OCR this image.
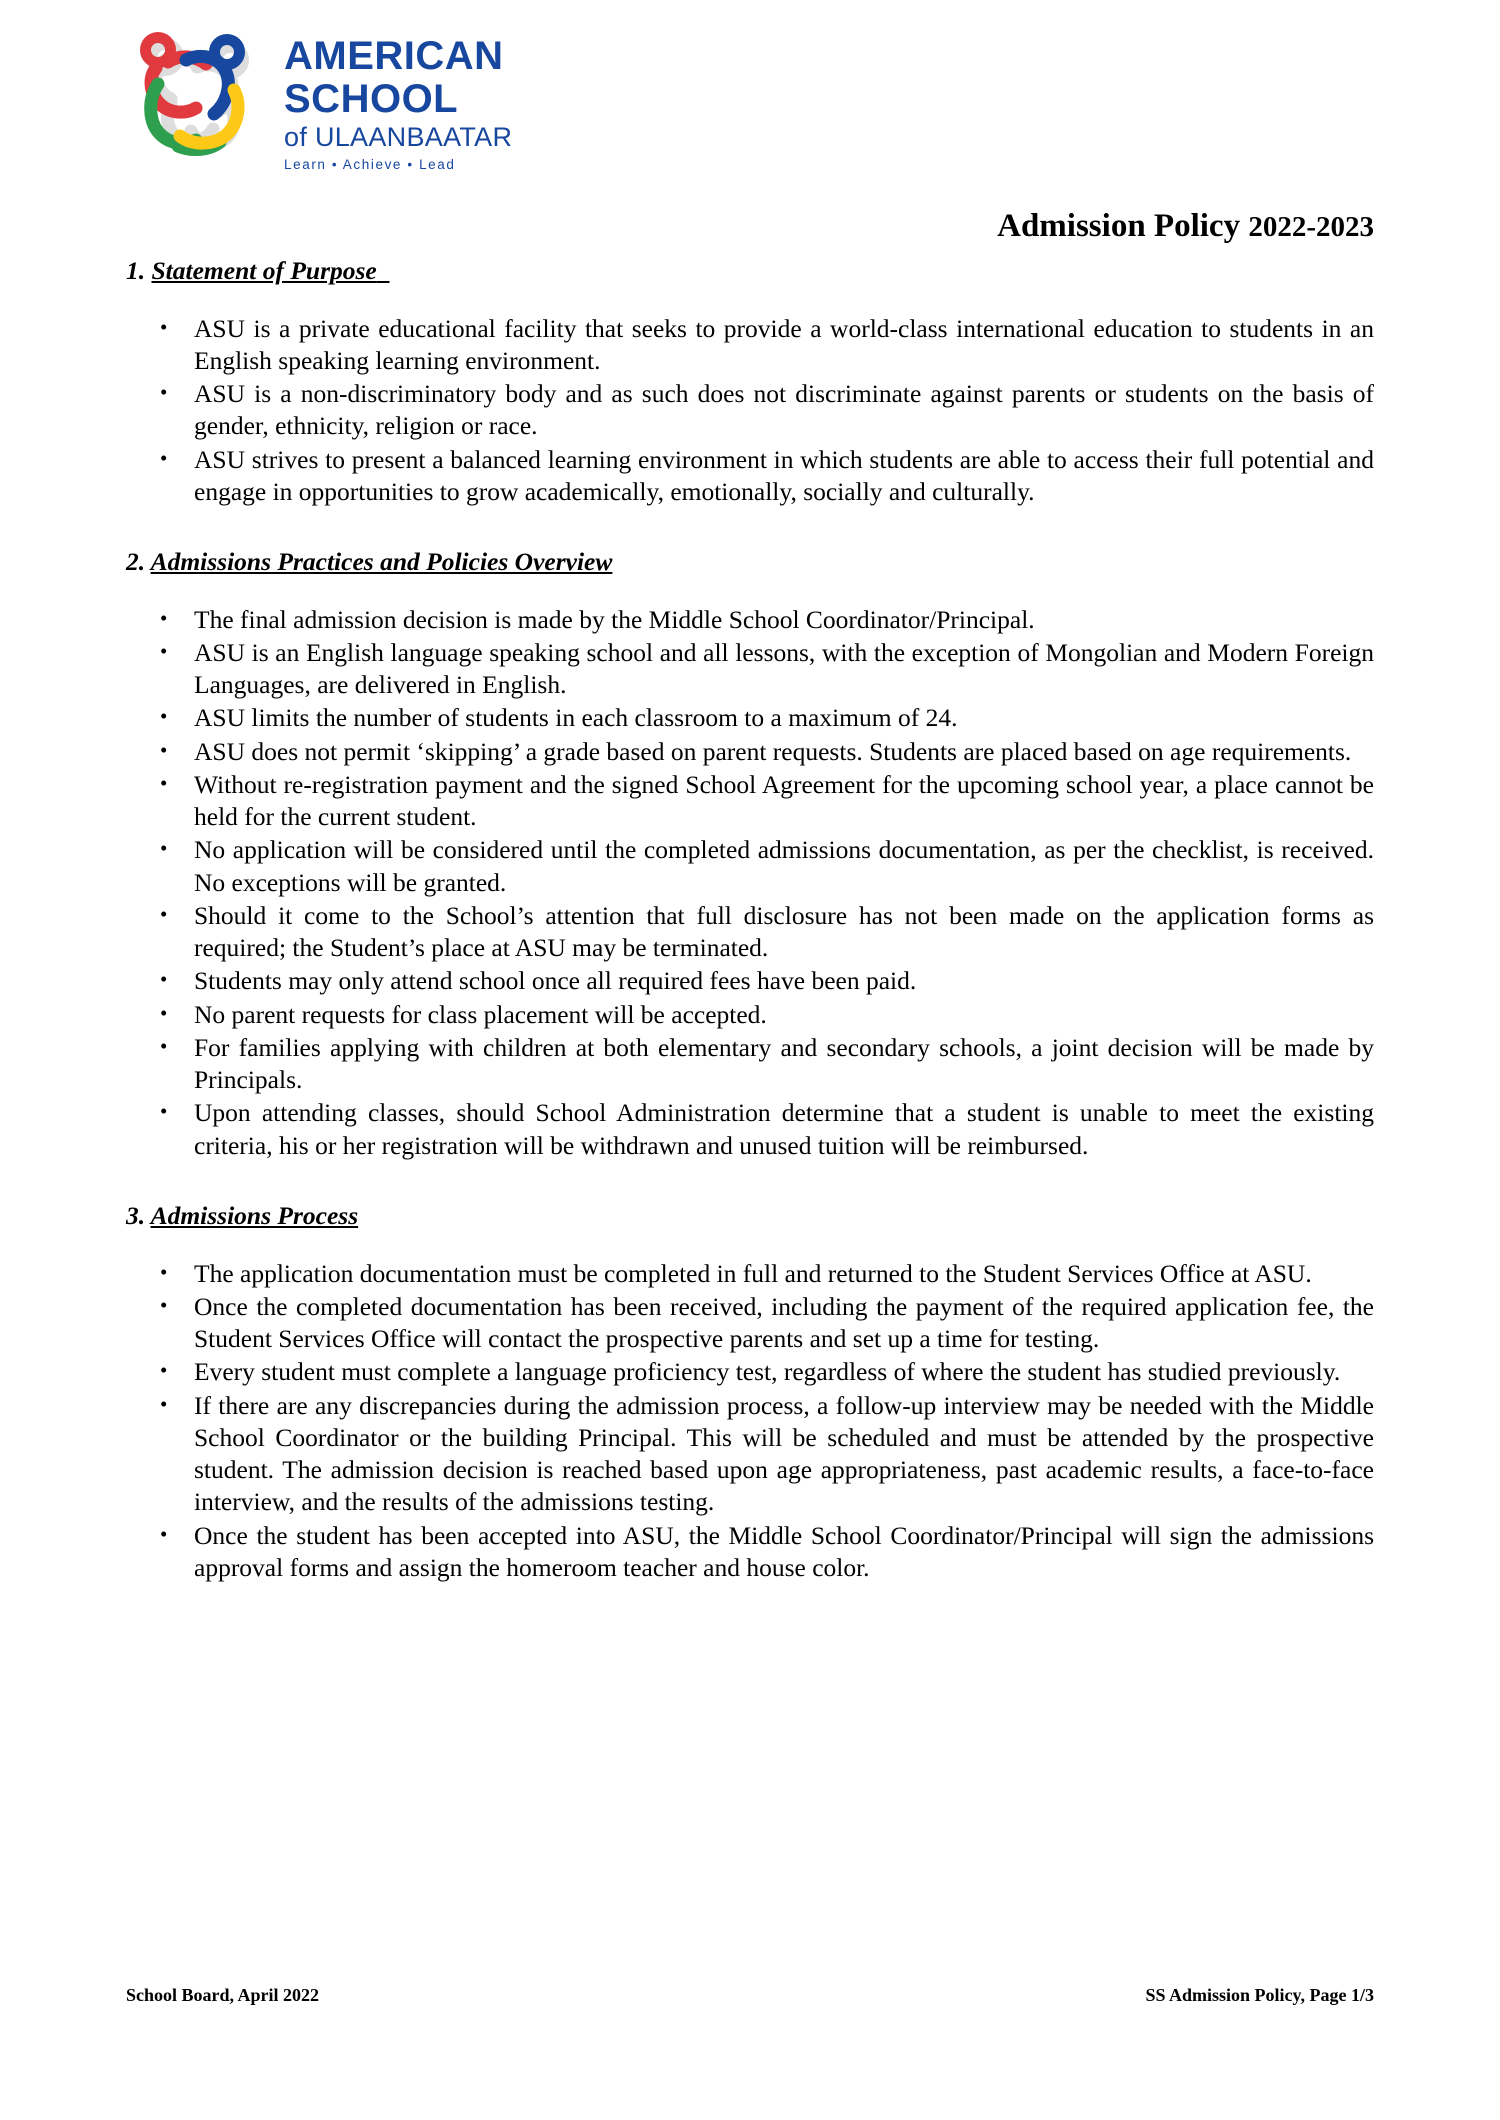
AMERICAN
SCHOOL
of ULAANBAATAR
Learn • Achieve • Lead
Admission Policy 2022-2023
1. Statement of Purpose
• ASU is a private educational facility that seeks to provide a world-class international education to students in an English speaking learning environment.
• ASU is a non-discriminatory body and as such does not discriminate against parents or students on the basis of gender, ethnicity, religion or race.
• ASU strives to present a balanced learning environment in which students are able to access their full potential and engage in opportunities to grow academically, emotionally, socially and culturally.
2. Admissions Practices and Policies Overview
• The final admission decision is made by the Middle School Coordinator/Principal.
• ASU is an English language speaking school and all lessons, with the exception of Mongolian and Modern Foreign Languages, are delivered in English.
• ASU limits the number of students in each classroom to a maximum of 24.
• ASU does not permit ‘skipping’ a grade based on parent requests. Students are placed based on age requirements.
• Without re-registration payment and the signed School Agreement for the upcoming school year, a place cannot be held for the current student.
• No application will be considered until the completed admissions documentation, as per the checklist, is received. No exceptions will be granted.
• Should it come to the School’s attention that full disclosure has not been made on the application forms as required; the Student’s place at ASU may be terminated.
• Students may only attend school once all required fees have been paid.
• No parent requests for class placement will be accepted.
• For families applying with children at both elementary and secondary schools, a joint decision will be made by Principals.
• Upon attending classes, should School Administration determine that a student is unable to meet the existing criteria, his or her registration will be withdrawn and unused tuition will be reimbursed.
3. Admissions Process
• The application documentation must be completed in full and returned to the Student Services Office at ASU.
• Once the completed documentation has been received, including the payment of the required application fee, the Student Services Office will contact the prospective parents and set up a time for testing.
• Every student must complete a language proficiency test, regardless of where the student has studied previously.
• If there are any discrepancies during the admission process, a follow-up interview may be needed with the Middle School Coordinator or the building Principal. This will be scheduled and must be attended by the prospective student. The admission decision is reached based upon age appropriateness, past academic results, a face-to-face interview, and the results of the admissions testing.
• Once the student has been accepted into ASU, the Middle School Coordinator/Principal will sign the admissions approval forms and assign the homeroom teacher and house color.
School Board, April 2022	SS Admission Policy, Page 1/3
